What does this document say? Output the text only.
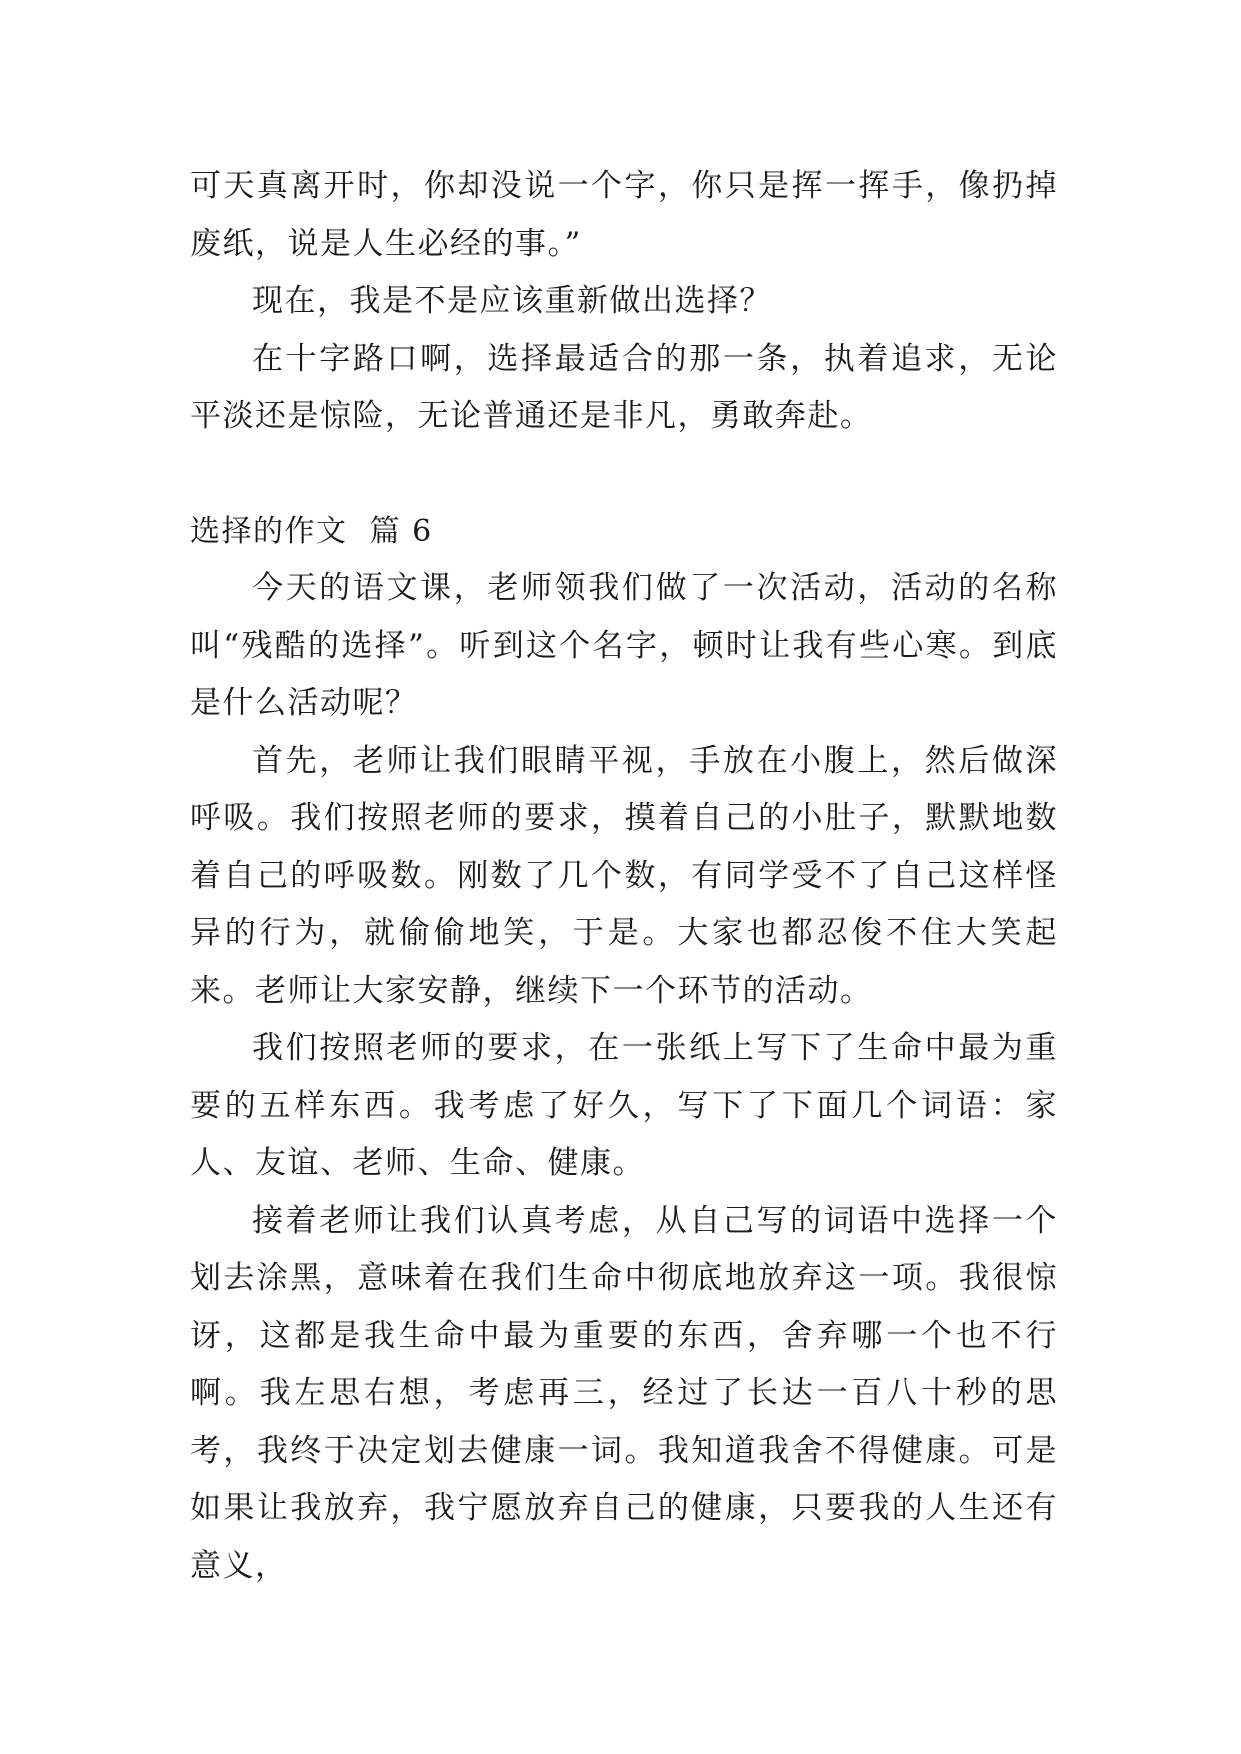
可天真离开时，你却没说一个字，你只是挥一挥手，像扔掉废纸，说是人生必经的事。”

现在，我是不是应该重新做出选择？

在十字路口啊，选择最适合的那一条，执着追求，无论平淡还是惊险，无论普通还是非凡，勇敢奔赴。

选择的作文  篇 6

今天的语文课，老师领我们做了一次活动，活动的名称叫“残酷的选择”。听到这个名字，顿时让我有些心寒。到底是什么活动呢？

首先，老师让我们眼睛平视，手放在小腹上，然后做深呼吸。我们按照老师的要求，摸着自己的小肚子，默默地数着自己的呼吸数。刚数了几个数，有同学受不了自己这样怪异的行为，就偷偷地笑，于是。大家也都忍俊不住大笑起来。老师让大家安静，继续下一个环节的活动。

我们按照老师的要求，在一张纸上写下了生命中最为重要的五样东西。我考虑了好久，写下了下面几个词语：家人、友谊、老师、生命、健康。

接着老师让我们认真考虑，从自己写的词语中选择一个划去涂黑，意味着在我们生命中彻底地放弃这一项。我很惊讶，这都是我生命中最为重要的东西，舍弃哪一个也不行啊。我左思右想，考虑再三，经过了长达一百八十秒的思考，我终于决定划去健康一词。我知道我舍不得健康。可是如果让我放弃，我宁愿放弃自己的健康，只要我的人生还有意义，
